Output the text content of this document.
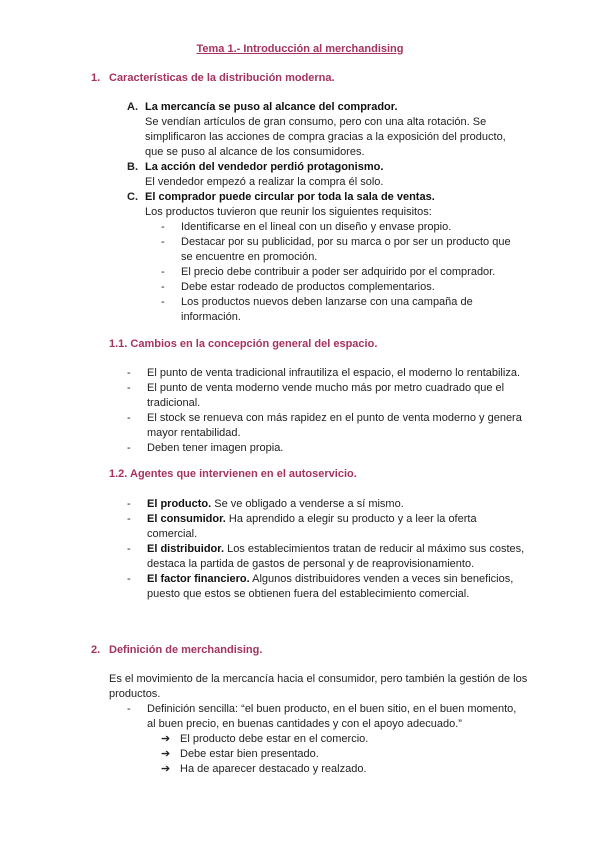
Tema 1.- Introducción al merchandising
1. Características de la distribución moderna.
A. La mercancía se puso al alcance del comprador.
Se vendían artículos de gran consumo, pero con una alta rotación. Se simplificaron las acciones de compra gracias a la exposición del producto, que se puso al alcance de los consumidores.
B. La acción del vendedor perdió protagonismo.
El vendedor empezó a realizar la compra él solo.
C. El comprador puede circular por toda la sala de ventas.
Los productos tuvieron que reunir los siguientes requisitos:
- Identificarse en el lineal con un diseño y envase propio.
- Destacar por su publicidad, por su marca o por ser un producto que se encuentre en promoción.
- El precio debe contribuir a poder ser adquirido por el comprador.
- Debe estar rodeado de productos complementarios.
- Los productos nuevos deben lanzarse con una campaña de información.
1.1. Cambios en la concepción general del espacio.
- El punto de venta tradicional infrautiliza el espacio, el moderno lo rentabiliza.
- El punto de venta moderno vende mucho más por metro cuadrado que el tradicional.
- El stock se renueva con más rapidez en el punto de venta moderno y genera mayor rentabilidad.
- Deben tener imagen propia.
1.2. Agentes que intervienen en el autoservicio.
- El producto. Se ve obligado a venderse a sí mismo.
- El consumidor. Ha aprendido a elegir su producto y a leer la oferta comercial.
- El distribuidor. Los establecimientos tratan de reducir al máximo sus costes, destaca la partida de gastos de personal y de reaprovisionamiento.
- El factor financiero. Algunos distribuidores venden a veces sin beneficios, puesto que estos se obtienen fuera del establecimiento comercial.
2. Definición de merchandising.
Es el movimiento de la mercancía hacia el consumidor, pero también la gestión de los productos.
- Definición sencilla: “el buen producto, en el buen sitio, en el buen momento, al buen precio, en buenas cantidades y con el apoyo adecuado.”
➔ El producto debe estar en el comercio.
➔ Debe estar bien presentado.
➔ Ha de aparecer destacado y realzado.
